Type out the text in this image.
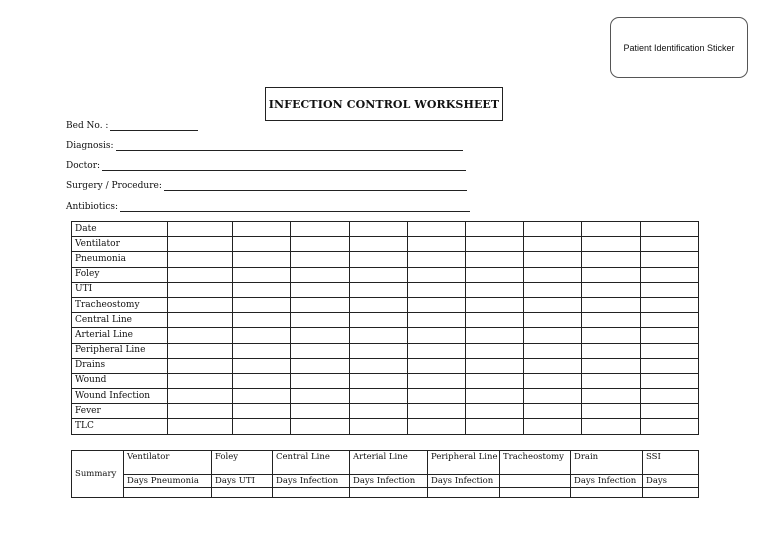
Patient Identification Sticker
INFECTION CONTROL WORKSHEET
Bed No. :
Diagnosis:
Doctor:
Surgery / Procedure:
Antibiotics:
Date									
Ventilator									
Pneumonia									
Foley									
UTI									
Tracheostomy									
Central Line									
Arterial Line									
Peripheral Line									
Drains									
Wound									
Wound Infection									
Fever									
TLC									
Summary	Ventilator	Foley	Central Line	Arterial Line	Peripheral Line	Tracheostomy	Drain	SSI
	Days Pneumonia	Days UTI	Days Infection	Days Infection	Days Infection		Days Infection	Days
